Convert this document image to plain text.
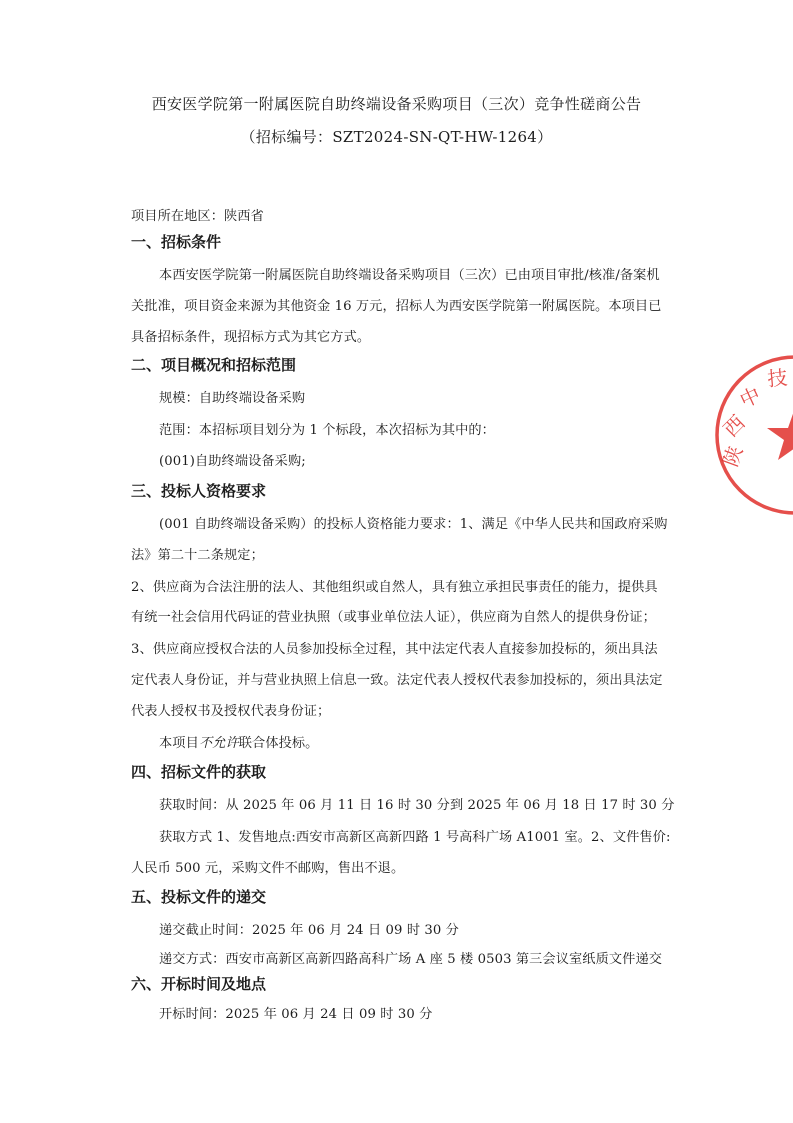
西安医学院第一附属医院自助终端设备采购项目（三次）竞争性磋商公告
（招标编号：SZT2024-SN-QT-HW-1264）
项目所在地区：陕西省
一、招标条件
本西安医学院第一附属医院自助终端设备采购项目（三次）已由项目审批/核准/备案机
关批准，项目资金来源为其他资金 16 万元，招标人为西安医学院第一附属医院。本项目已
具备招标条件，现招标方式为其它方式。
二、项目概况和招标范围
规模：自助终端设备采购
范围：本招标项目划分为 1 个标段，本次招标为其中的：
(001)自助终端设备采购;
三、投标人资格要求
(001 自助终端设备采购）的投标人资格能力要求：1、满足《中华人民共和国政府采购
法》第二十二条规定；
2、供应商为合法注册的法人、其他组织或自然人，具有独立承担民事责任的能力，提供具
有统一社会信用代码证的营业执照（或事业单位法人证），供应商为自然人的提供身份证；
3、供应商应授权合法的人员参加投标全过程，其中法定代表人直接参加投标的，须出具法
定代表人身份证，并与营业执照上信息一致。法定代表人授权代表参加投标的，须出具法定
代表人授权书及授权代表身份证；
本项目不允许联合体投标。
四、招标文件的获取
获取时间：从 2025 年 06 月 11 日 16 时 30 分到 2025 年 06 月 18 日 17 时 30 分
获取方式 1、发售地点:西安市高新区高新四路 1 号高科广场 A1001 室。2、文件售价:
人民币 500 元，采购文件不邮购，售出不退。
五、投标文件的递交
递交截止时间：2025 年 06 月 24 日 09 时 30 分
递交方式：西安市高新区高新四路高科广场 A 座 5 楼 0503 第三会议室纸质文件递交
六、开标时间及地点
开标时间：2025 年 06 月 24 日 09 时 30 分
陕
西
中
技
